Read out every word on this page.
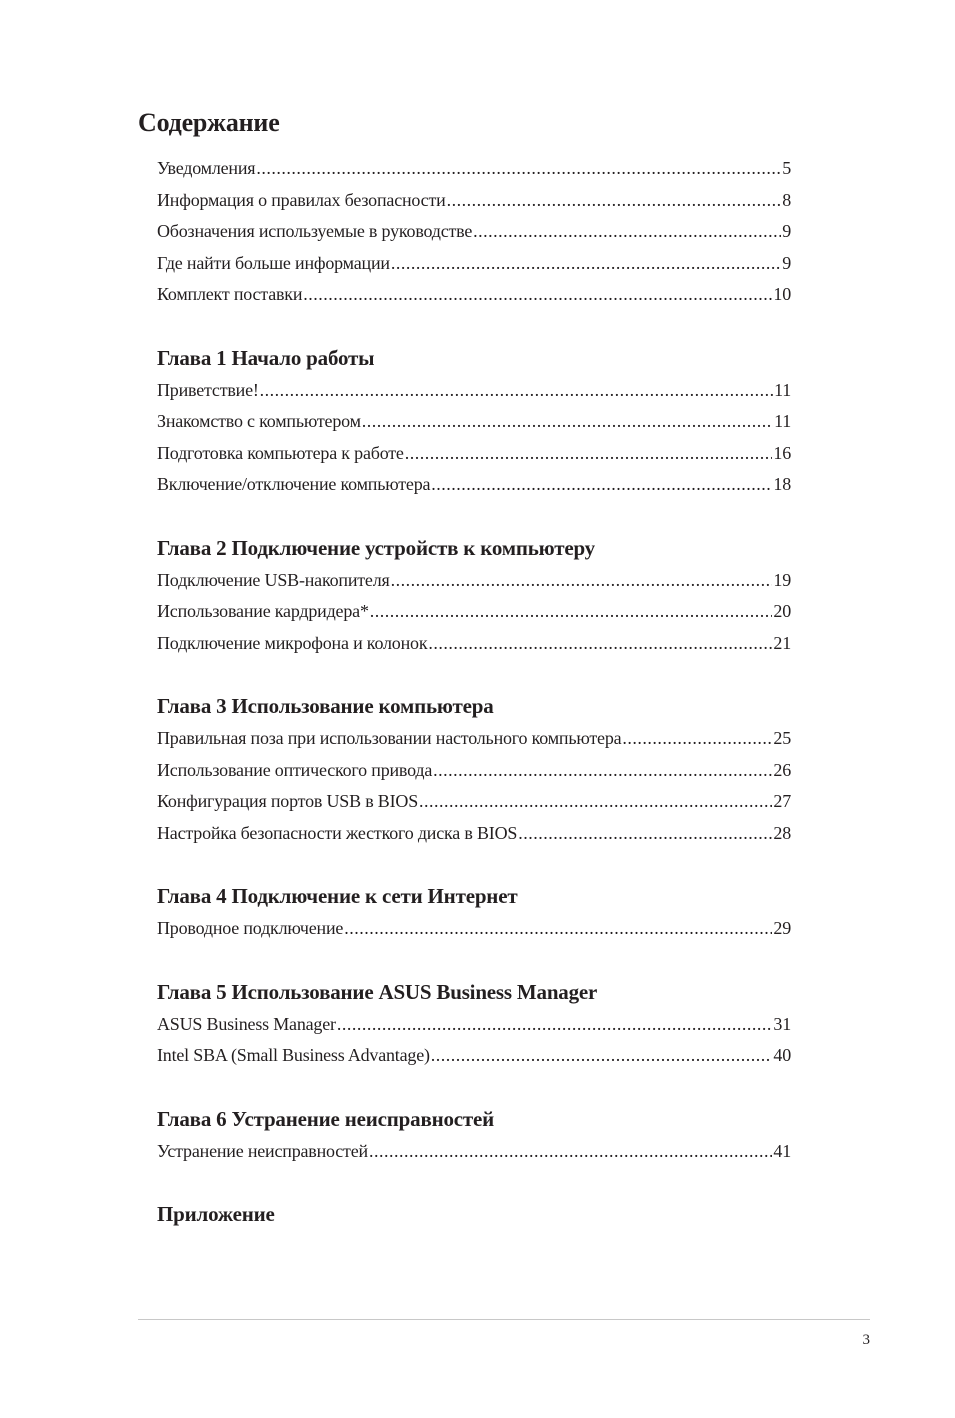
Содержание
Уведомления .....	5
Информация о правилах безопасности .....	8
Обозначения используемые в руководстве .....	9
Где найти больше информации .....	9
Комплект поставки .....	10
Глава 1 Начало работы
Приветствие! .....	11
Знакомство с компьютером .....	11
Подготовка компьютера к работе .....	16
Включение/отключение компьютера .....	18
Глава 2 Подключение устройств к компьютеру
Подключение USB-накопителя .....	19
Использование кардридера* .....	20
Подключение микрофона и колонок .....	21
Глава 3 Использование компьютера
Правильная поза при использовании настольного компьютера .....	25
Использование оптического привода .....	26
Конфигурация портов USB в BIOS .....	27
Настройка безопасности жесткого диска в BIOS .....	28
Глава 4 Подключение к сети Интернет
Проводное подключение .....	29
Глава 5 Использование ASUS Business Manager
ASUS Business Manager .....	31
Intel SBA (Small Business Advantage) .....	40
Глава 6 Устранение неисправностей
Устранение неисправностей .....	41
Приложение
3
